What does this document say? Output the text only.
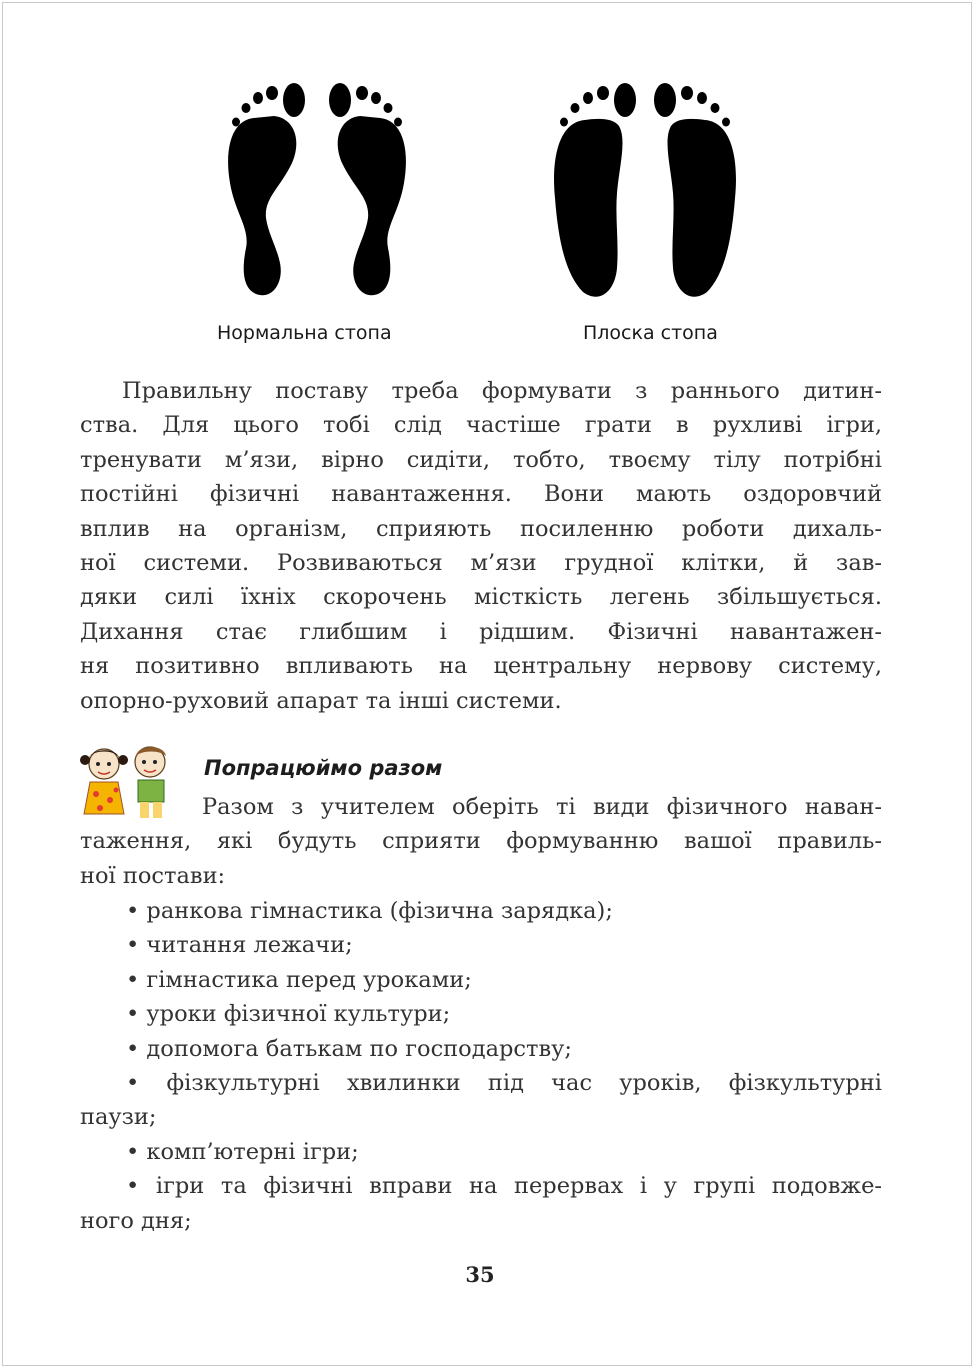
Нормальна стопа	Плоска стопа
Правильну поставу треба формувати з раннього дитин-
ства. Для цього тобі слід частіше грати в рухливі ігри,
тренувати м’язи, вірно сидіти, тобто, твоєму тілу потрібні
постійні фізичні навантаження. Вони мають оздоровчий
вплив на організм, сприяють посиленню роботи дихаль-
ної системи. Розвиваються м’язи грудної клітки, й зав-
дяки силі їхніх скорочень місткість легень збільшується.
Дихання стає глибшим і рідшим. Фізичні навантажен-
ня позитивно впливають на центральну нервову систему,
опорно-руховий апарат та інші системи.
Попрацюймо разом
Разом з учителем оберіть ті види фізичного наван-
таження, які будуть сприяти формуванню вашої правиль-
ної постави:
• ранкова гімнастика (фізична зарядка);
• читання лежачи;
• гімнастика перед уроками;
• уроки фізичної культури;
• допомога батькам по господарству;
• фізкультурні хвилинки під час уроків, фізкультурні
паузи;
• комп’ютерні ігри;
• ігри та фізичні вправи на перервах і у групі подовже-
ного дня;
35
